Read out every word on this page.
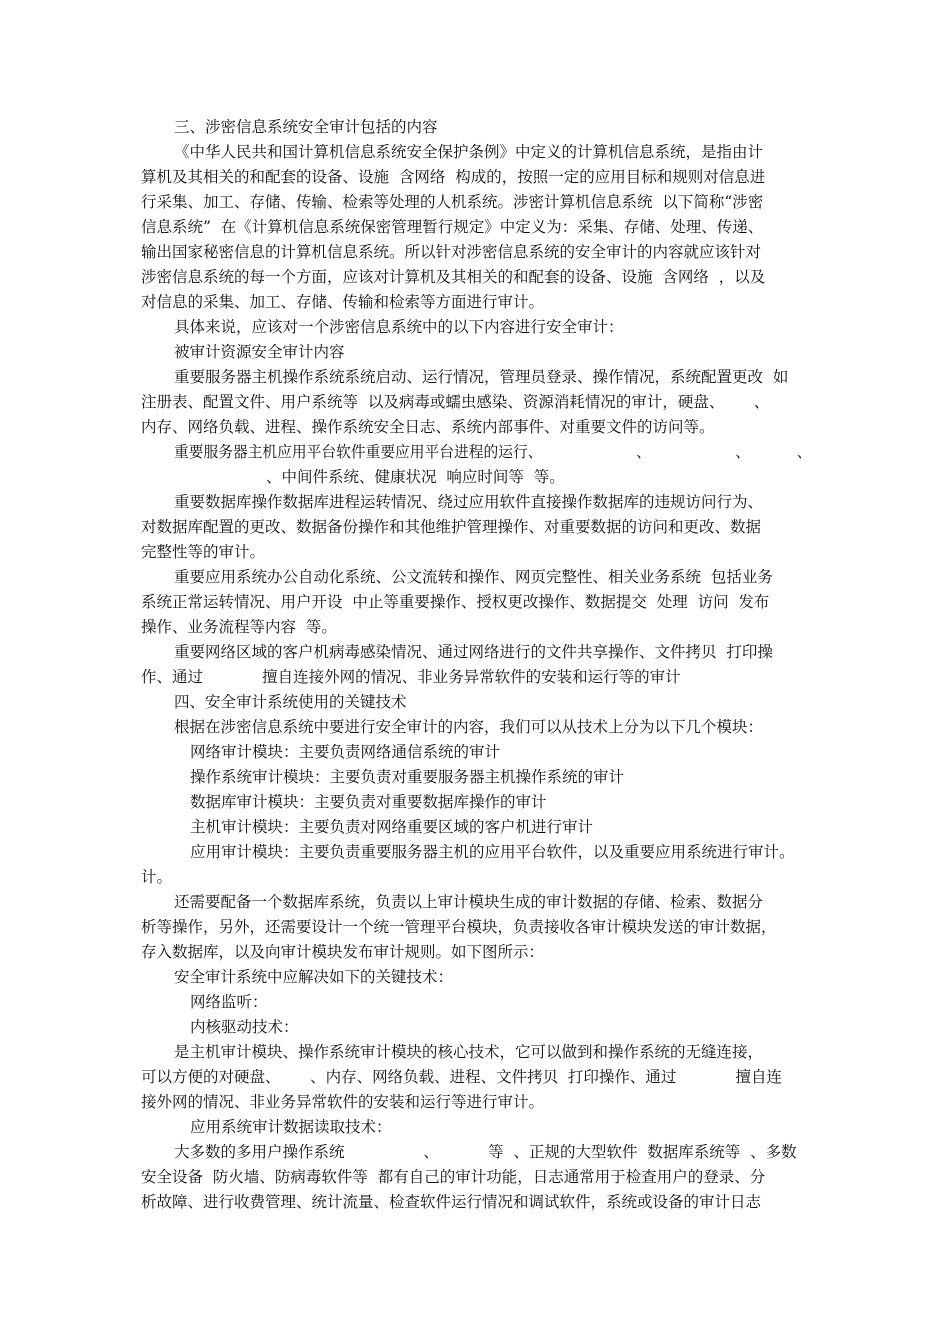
三、涉密信息系统安全审计包括的内容
《中华人民共和国计算机信息系统安全保护条例》中定义的计算机信息系统，是指由计
算机及其相关的和配套的设备、设施  含网络  构成的，按照一定的应用目标和规则对信息进
行采集、加工、存储、传输、检索等处理的人机系统。涉密计算机信息系统  以下简称“涉密
信息系统”  在《计算机信息系统保密管理暂行规定》中定义为：采集、存储、处理、传递、
输出国家秘密信息的计算机信息系统。所以针对涉密信息系统的安全审计的内容就应该针对
涉密信息系统的每一个方面，应该对计算机及其相关的和配套的设备、设施  含网络  ，以及
对信息的采集、加工、存储、传输和检索等方面进行审计。
具体来说，应该对一个涉密信息系统中的以下内容进行安全审计：
被审计资源安全审计内容
重要服务器主机操作系统系统启动、运行情况，管理员登录、操作情况，系统配置更改  如
注册表、配置文件、用户系统等  以及病毒或蠕虫感染、资源消耗情况的审计，硬盘、      、
内存、网络负载、进程、操作系统安全日志、系统内部事件、对重要文件的访问等。
重要服务器主机应用平台软件重要应用平台进程的运行、                    、                  、          、
、中间件系统、健康状况  响应时间等  等。
重要数据库操作数据库进程运转情况、绕过应用软件直接操作数据库的违规访问行为、
对数据库配置的更改、数据备份操作和其他维护管理操作、对重要数据的访问和更改、数据
完整性等的审计。
重要应用系统办公自动化系统、公文流转和操作、网页完整性、相关业务系统  包括业务
系统正常运转情况、用户开设  中止等重要操作、授权更改操作、数据提交  处理  访问  发布
操作、业务流程等内容  等。
重要网络区域的客户机病毒感染情况、通过网络进行的文件共享操作、文件拷贝  打印操
作、通过            擅自连接外网的情况、非业务异常软件的安装和运行等的审计
四、安全审计系统使用的关键技术
根据在涉密信息系统中要进行安全审计的内容，我们可以从技术上分为以下几个模块：
网络审计模块：主要负责网络通信系统的审计
操作系统审计模块：主要负责对重要服务器主机操作系统的审计
数据库审计模块：主要负责对重要数据库操作的审计
主机审计模块：主要负责对网络重要区域的客户机进行审计
应用审计模块：主要负责重要服务器主机的应用平台软件，以及重要应用系统进行审计。
计。
还需要配备一个数据库系统，负责以上审计模块生成的审计数据的存储、检索、数据分
析等操作，另外，还需要设计一个统一管理平台模块，负责接收各审计模块发送的审计数据，
存入数据库，以及向审计模块发布审计规则。如下图所示：
安全审计系统中应解决如下的关键技术：
网络监听：
内核驱动技术：
是主机审计模块、操作系统审计模块的核心技术，它可以做到和操作系统的无缝连接，
可以方便的对硬盘、      、内存、网络负载、进程、文件拷贝  打印操作、通过            擅自连
接外网的情况、非业务异常软件的安装和运行等进行审计。
应用系统审计数据读取技术：
大多数的多用户操作系统                、          等  、正规的大型软件  数据库系统等  、多数
安全设备  防火墙、防病毒软件等  都有自己的审计功能，日志通常用于检查用户的登录、分
析故障、进行收费管理、统计流量、检查软件运行情况和调试软件，系统或设备的审计日志
